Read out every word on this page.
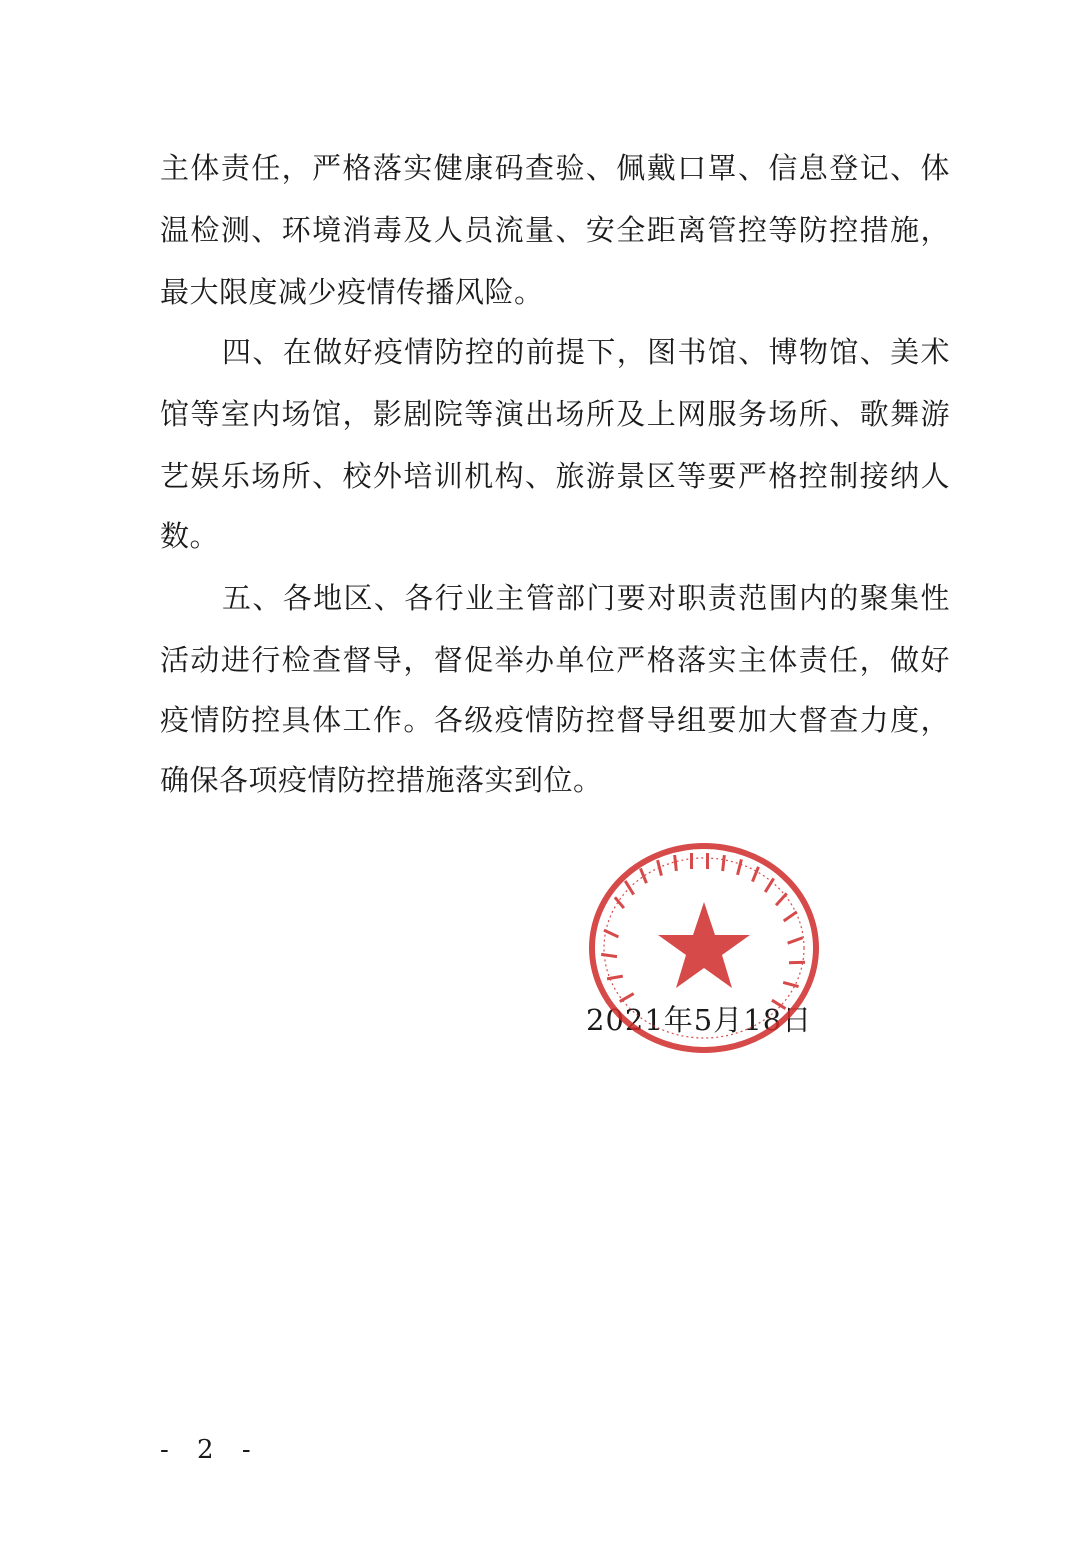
主体责任，严格落实健康码查验、佩戴口罩、信息登记、体
温检测、环境消毒及人员流量、安全距离管控等防控措施，
最大限度减少疫情传播风险。
四、在做好疫情防控的前提下，图书馆、博物馆、美术
馆等室内场馆，影剧院等演出场所及上网服务场所、歌舞游
艺娱乐场所、校外培训机构、旅游景区等要严格控制接纳人
数。
五、各地区、各行业主管部门要对职责范围内的聚集性
活动进行检查督导，督促举办单位严格落实主体责任，做好
疫情防控具体工作。各级疫情防控督导组要加大督查力度，
确保各项疫情防控措施落实到位。
2021年5月18日
- 2 -
